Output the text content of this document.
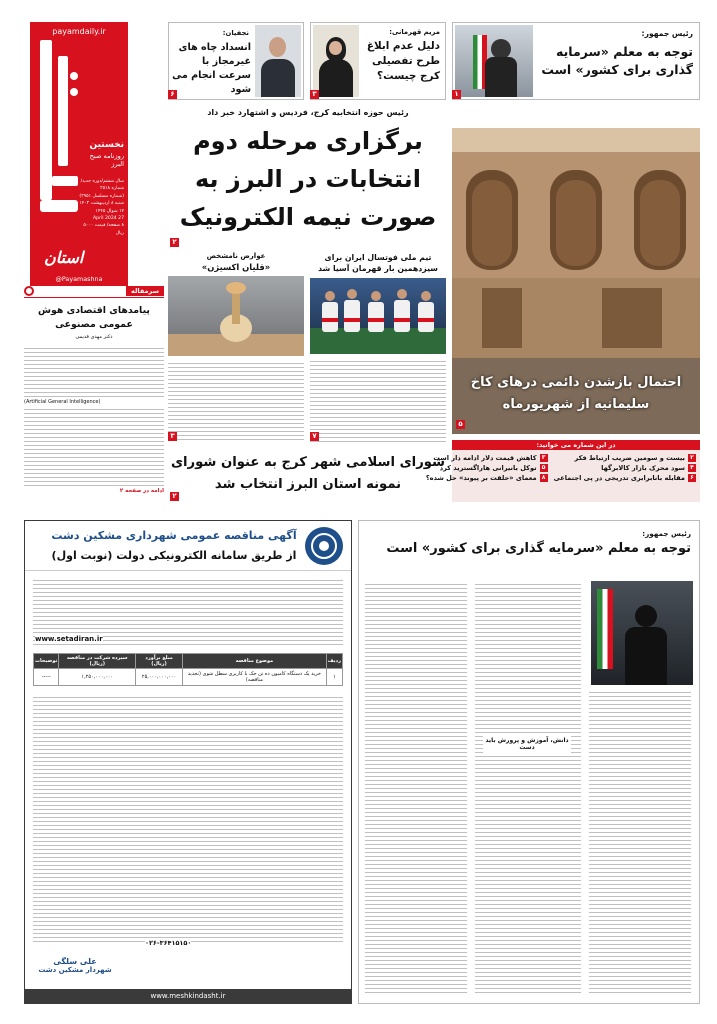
payamdaily.ir
استان
نخستین
روزنامه صبح البرز
سال ششم/دوره جدید/شماره ۲۵۱۸
(شماره مسلسل ۲۹۵۱)
شنبه ۸ اردیبهشت ۱۴۰۳
۱۷ شوال ۱۴۴۵
27 April 2024
۸ صفحه/ قیمت ۵۰۰۰ ریال
@Payamashna
رئیس جمهور:
توجه به معلم «سرمایه گذاری برای کشور» است
۱
مریم قهرمانی:
دلیل عدم ابلاغ طرح تفصیلی کرج چیست؟
۳
نجفیان:
انسداد چاه های غیرمجاز با سرعت انجام می شود
۶
رئیس حوزه انتخابیه کرج، فردیس و اشتهارد خبر داد
برگزاری مرحله دوم انتخابات در البرز به صورت نیمه الکترونیک
۲
احتمال بازشدن دائمی درهای کاخ سلیمانیه از شهریورماه
۵
تیم ملی فوتسال ایران برای سیزدهمین بار قهرمان آسیا شد
۷
عوارض نامشخص
«قلیان اکسیژن»
۳
سرمقاله
پیامدهای اقتصادی هوش عمومی مصنوعی
دکتر مهدی قدیمی
(Artificial General Intelligence)
ادامه در صفحه ۲
شورای اسلامی شهر کرج به عنوان شورای نمونه استان البرز انتخاب شد
۲
در این شماره می خوانید:
۲
بیست و سومین ضریب ارتباط فکر
۳
کاهش قیمت دلار ادامه دار است
۴
سود محرک بازار کالابرگها
۵
توکل بانیرانی هاراگسترید کرد
۶
مقابله بانابرابری تدریجی در پی اجتماعی
۸
معمای «حلقت بر پیوند» حل شده؟
آگهی مناقصه عمومی شهرداری مشکین دشت
از طریق سامانه الکترونیکی دولت (نوبت اول)
ردیف	موضوع مناقصه	مبلغ برآورد (ریال)	سپرده شرکت در مناقصه (ریال)	توضیحات
۱	خرید یک دستگاه کامیون ده تن جک با کاربری سطل شوی (تجدید مناقصه)	۲۵,۰۰۰,۰۰۰,۰۰۰	۱,۲۵۰,۰۰۰,۰۰۰	-----
www.setadiran.ir
۰۲۶-۳۶۴۱۵۱۵۰
علی سلگی
شهردار مشکین دشت
www.meshkindasht.ir
رئیس جمهور:
توجه به معلم «سرمایه گذاری برای کشور» است
دانش، آموزش و پرورش باید دست
